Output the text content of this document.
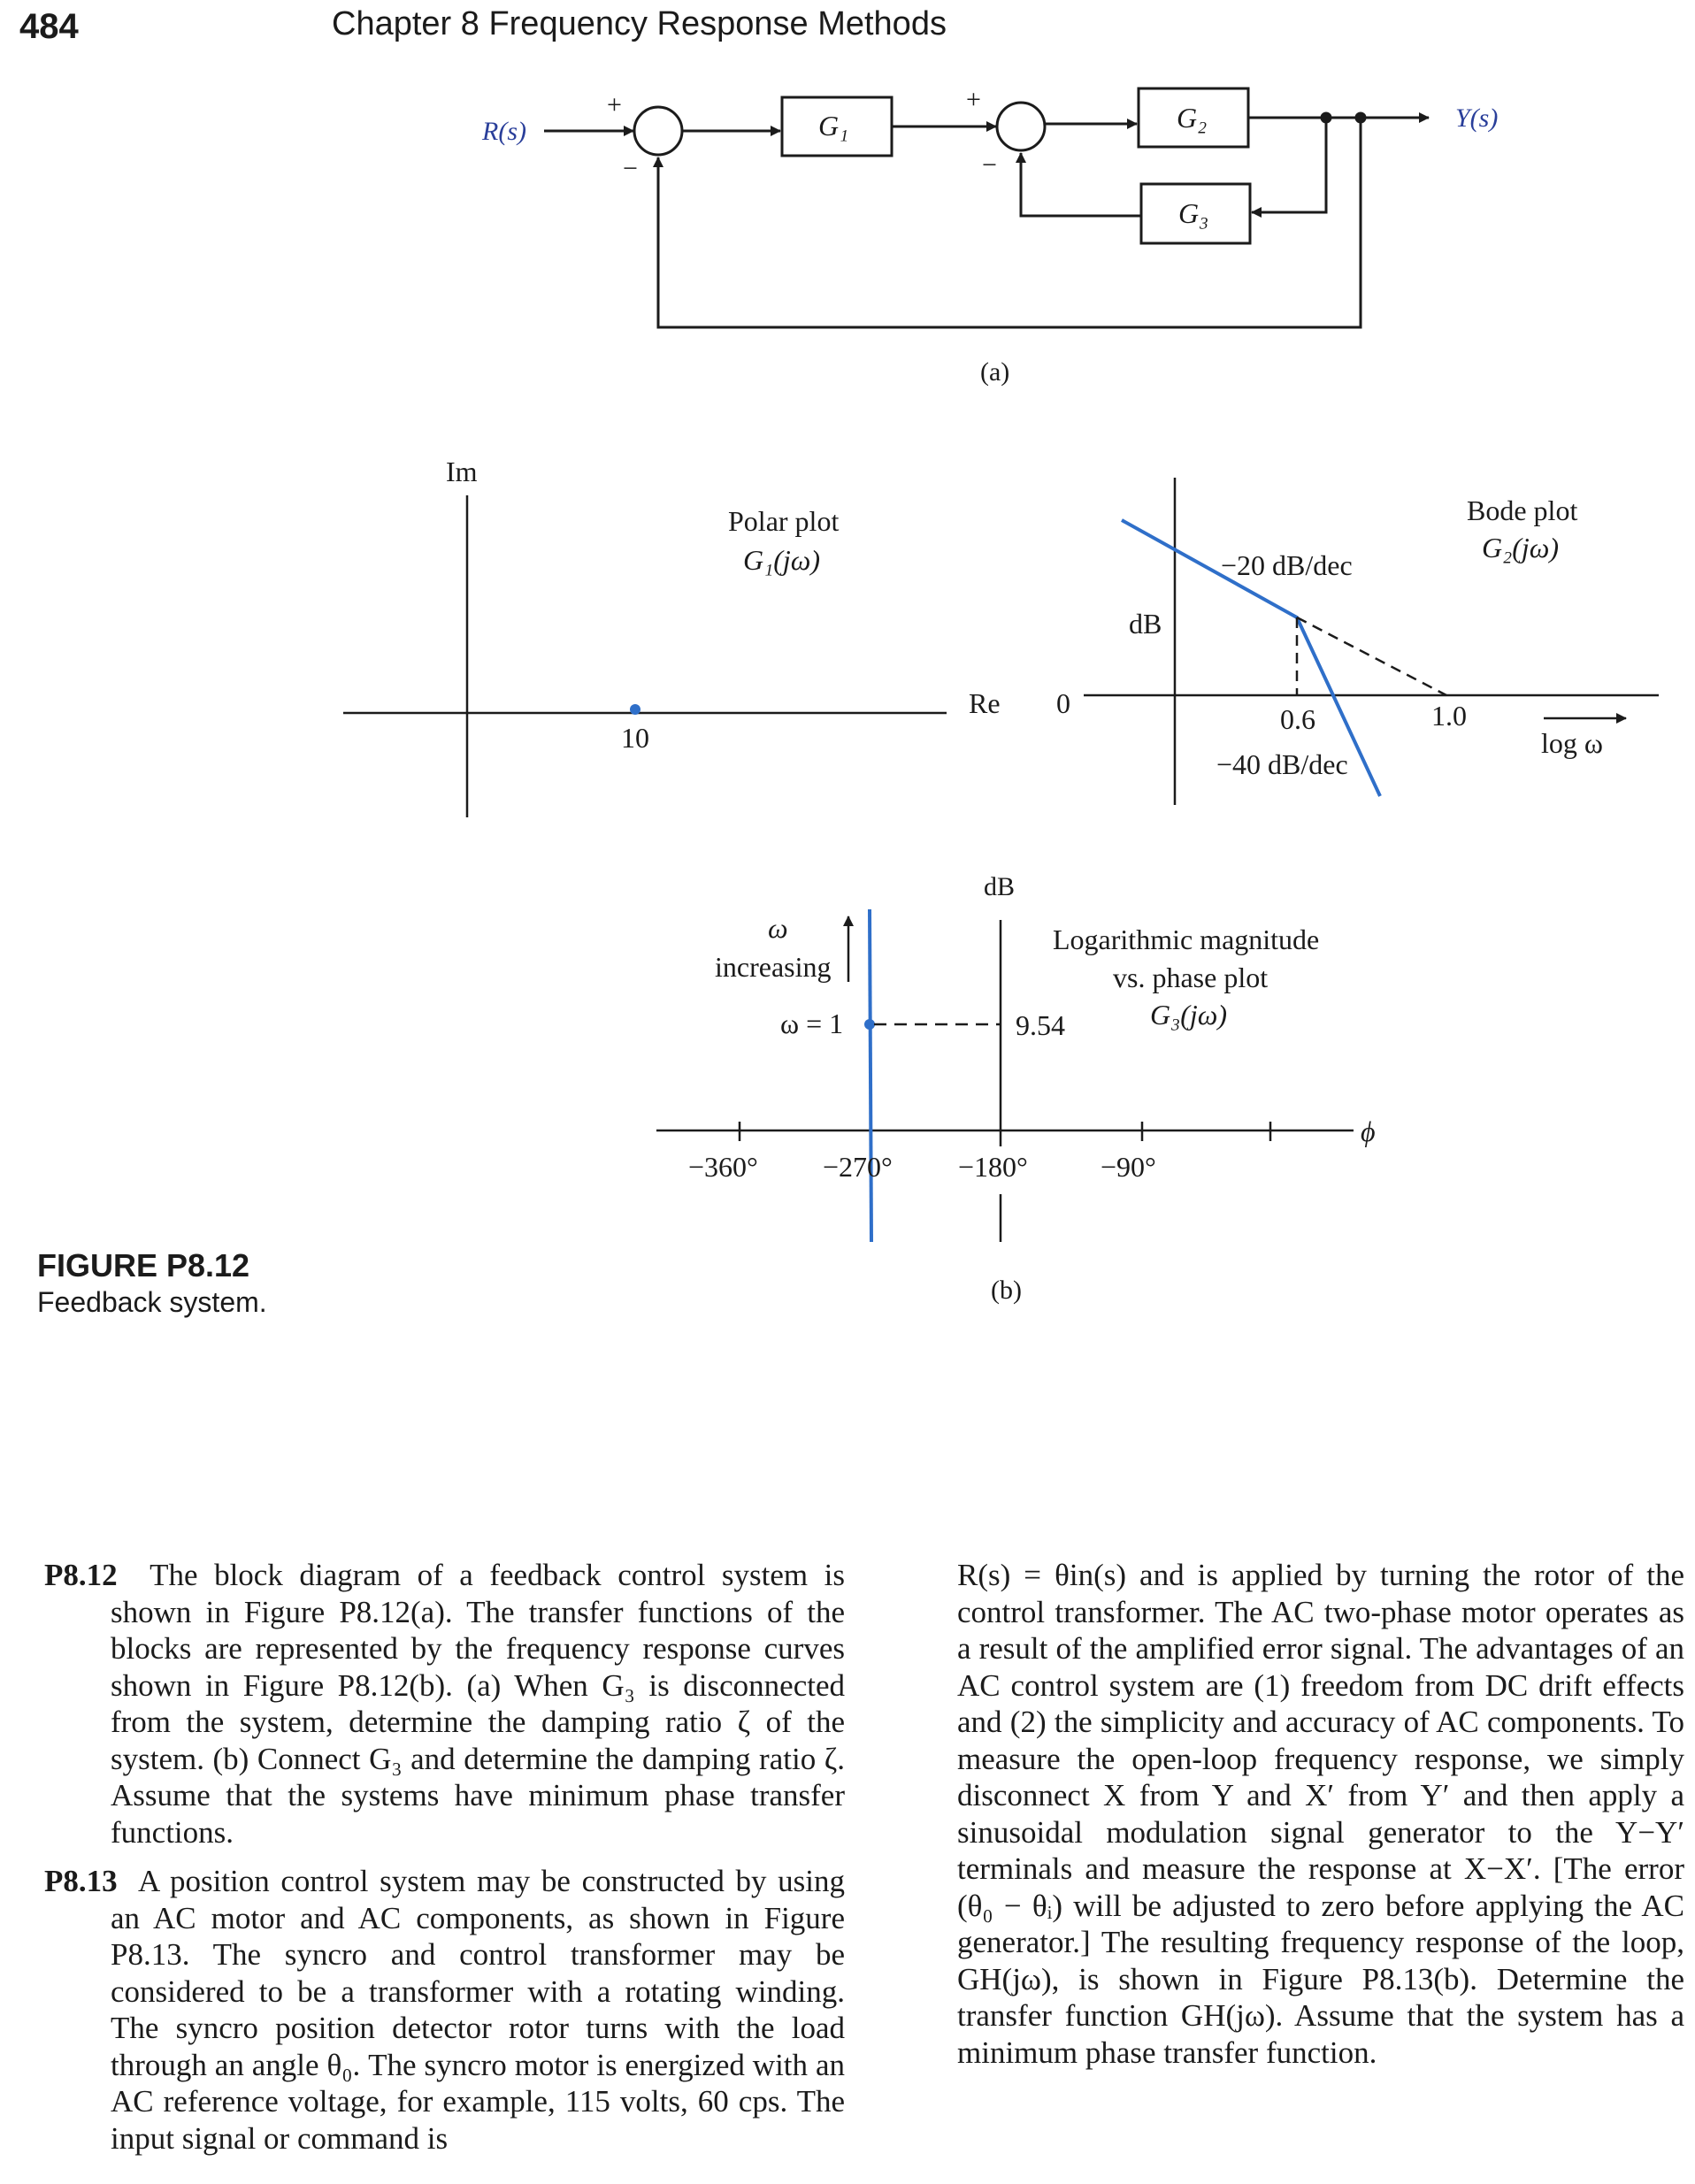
484	Chapter 8 Frequency Response Methods
R(s)
+
−
G₁
+
−
G₂	Y(s)
G₃
(a)
Im
Re
Polar plot
G₁(jω)
10
dB
0
Bode plot
G₂(jω)
−20 dB/dec
−40 dB/dec
0.6	1.0
log ω
dB
ϕ
Logarithmic magnitude
vs. phase plot
G₃(jω)
ω
increasing
ω = 1	9.54
−360° −270° −180°	−90°
(b)
FIGURE P8.12
Feedback system.

P8.12 The block diagram of a feedback control system is shown in Figure P8.12(a). The transfer functions of the blocks are represented by the frequency response curves shown in Figure P8.12(b). (a) When G₃ is disconnected from the system, determine the damping ratio ζ of the system. (b) Connect G₃ and determine the damping ratio ζ. Assume that the systems have minimum phase transfer functions.

P8.13 A position control system may be constructed by using an AC motor and AC components, as shown in Figure P8.13. The syncro and control transformer may be considered to be a transformer with a rotating winding. The syncro position detector rotor turns with the load through an angle θ₀. The syncro motor is energized with an AC reference voltage, for example, 115 volts, 60 cps. The input signal or command is

R(s) = θin(s) and is applied by turning the rotor of the control transformer. The AC two-phase motor operates as a result of the amplified error signal. The advantages of an AC control system are (1) freedom from DC drift effects and (2) the simplicity and accuracy of AC components. To measure the open-loop frequency response, we simply disconnect X from Y and X′ from Y′ and then apply a sinusoidal modulation signal generator to the Y−Y′ terminals and measure the response at X−X′. [The error (θ₀ − θᵢ) will be adjusted to zero before applying the AC generator.] The resulting frequency response of the loop, GH(jω), is shown in Figure P8.13(b). Determine the transfer function GH(jω). Assume that the system has a minimum phase transfer function.
